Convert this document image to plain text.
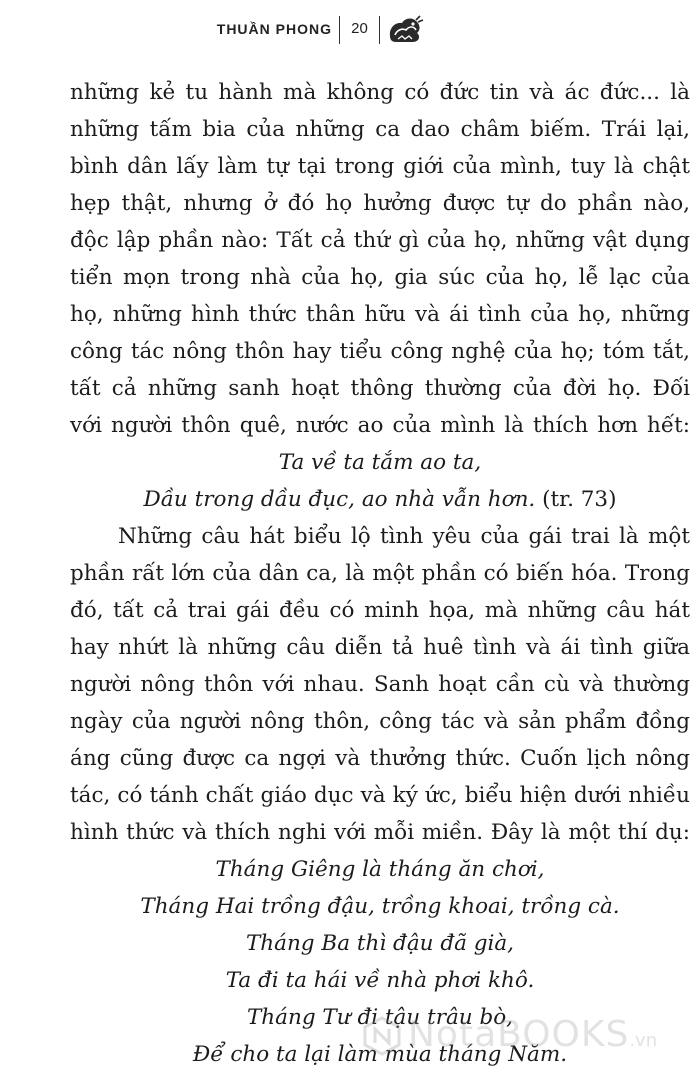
THUẦN PHONG	20
những kẻ tu hành mà không có đức tin và ác đức... là
những tấm bia của những ca dao châm biếm. Trái lại,
bình dân lấy làm tự tại trong giới của mình, tuy là chật
hẹp thật, nhưng ở đó họ hưởng được tự do phần nào,
độc lập phần nào: Tất cả thứ gì của họ, những vật dụng
tiển mọn trong nhà của họ, gia súc của họ, lễ lạc của
họ, những hình thức thân hữu và ái tình của họ, những
công tác nông thôn hay tiểu công nghệ của họ; tóm tắt,
tất cả những sanh hoạt thông thường của đời họ. Đối
với người thôn quê, nước ao của mình là thích hơn hết:
Ta về ta tắm ao ta,
Dầu trong dầu đục, ao nhà vẫn hơn. (tr. 73)
Những câu hát biểu lộ tình yêu của gái trai là một
phần rất lớn của dân ca, là một phần có biến hóa. Trong
đó, tất cả trai gái đều có minh họa, mà những câu hát
hay nhứt là những câu diễn tả huê tình và ái tình giữa
người nông thôn với nhau. Sanh hoạt cần cù và thường
ngày của người nông thôn, công tác và sản phẩm đồng
áng cũng được ca ngợi và thưởng thức. Cuốn lịch nông
tác, có tánh chất giáo dục và ký ức, biểu hiện dưới nhiều
hình thức và thích nghi với mỗi miền. Đây là một thí dụ:
Tháng Giêng là tháng ăn chơi,
Tháng Hai trồng đậu, trồng khoai, trồng cà.
Tháng Ba thì đậu đã già,
Ta đi ta hái về nhà phơi khô.
Tháng Tư đi tậu trâu bò,
Để cho ta lại làm mùa tháng Năm.
NotaBOOKS.vn
